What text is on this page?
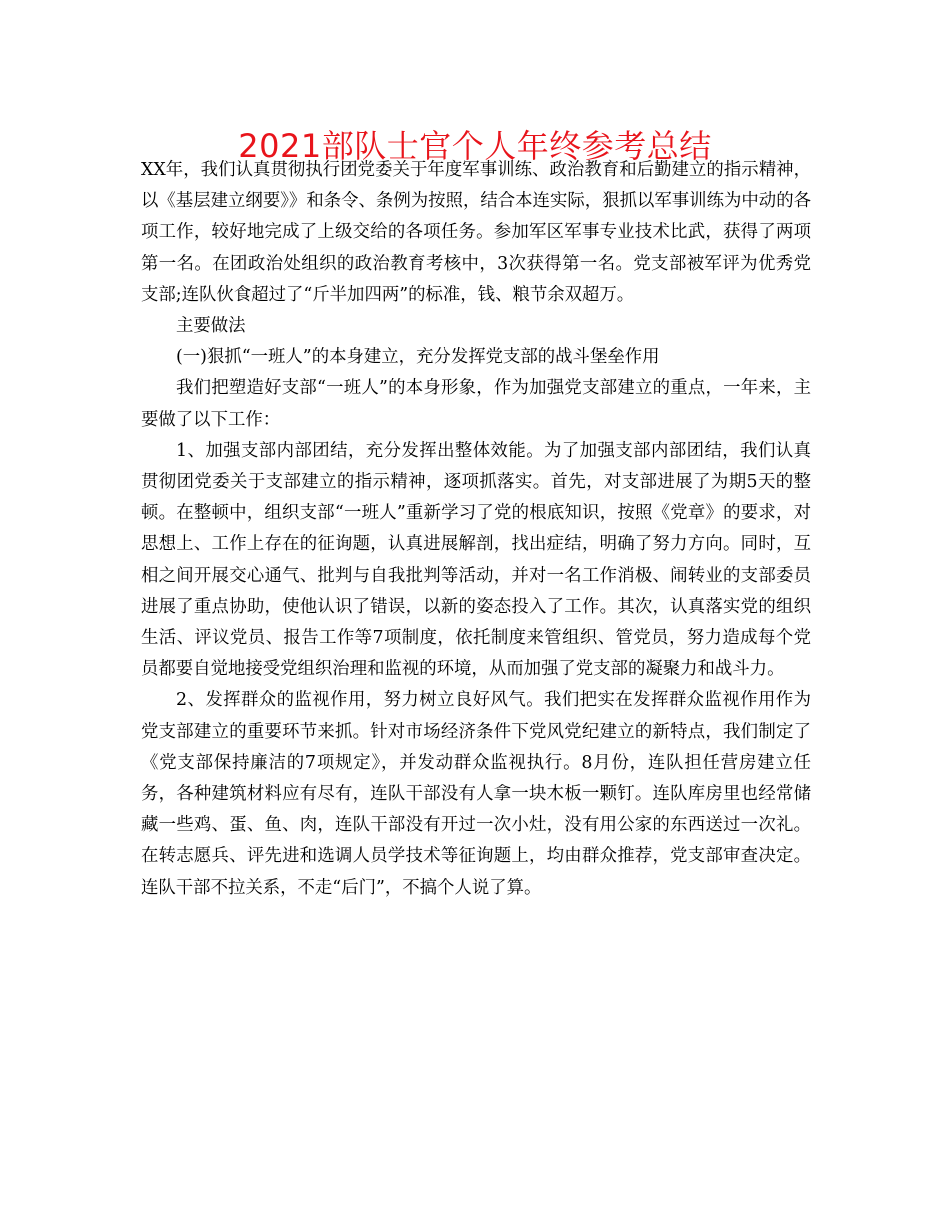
2021部队士官个人年终参考总结

XX年，我们认真贯彻执行团党委关于年度军事训练、政治教育和后勤建立的指示精神，以《基层建立纲要》》和条令、条例为按照，结合本连实际，狠抓以军事训练为中动的各项工作，较好地完成了上级交给的各项任务。参加军区军事专业技术比武，获得了两项第一名。在团政治处组织的政治教育考核中，3次获得第一名。党支部被军评为优秀党支部;连队伙食超过了“斤半加四两”的标准，钱、粮节余双超万。

主要做法

(一)狠抓“一班人”的本身建立，充分发挥党支部的战斗堡垒作用

我们把塑造好支部“一班人”的本身形象，作为加强党支部建立的重点，一年来，主要做了以下工作：

1、加强支部内部团结，充分发挥出整体效能。为了加强支部内部团结，我们认真贯彻团党委关于支部建立的指示精神，逐项抓落实。首先，对支部进展了为期5天的整顿。在整顿中，组织支部“一班人”重新学习了党的根底知识，按照《党章》的要求，对思想上、工作上存在的征询题，认真进展解剖，找出症结，明确了努力方向。同时，互相之间开展交心通气、批判与自我批判等活动，并对一名工作消极、闹转业的支部委员进展了重点协助，使他认识了错误，以新的姿态投入了工作。其次，认真落实党的组织生活、评议党员、报告工作等7项制度，依托制度来管组织、管党员，努力造成每个党员都要自觉地接受党组织治理和监视的环境，从而加强了党支部的凝聚力和战斗力。

2、发挥群众的监视作用，努力树立良好风气。我们把实在发挥群众监视作用作为党支部建立的重要环节来抓。针对市场经济条件下党风党纪建立的新特点，我们制定了《党支部保持廉洁的7项规定》，并发动群众监视执行。8月份，连队担任营房建立任务，各种建筑材料应有尽有，连队干部没有人拿一块木板一颗钉。连队库房里也经常储藏一些鸡、蛋、鱼、肉，连队干部没有开过一次小灶，没有用公家的东西送过一次礼。在转志愿兵、评先进和选调人员学技术等征询题上，均由群众推荐，党支部审查决定。连队干部不拉关系，不走“后门”，不搞个人说了算。
